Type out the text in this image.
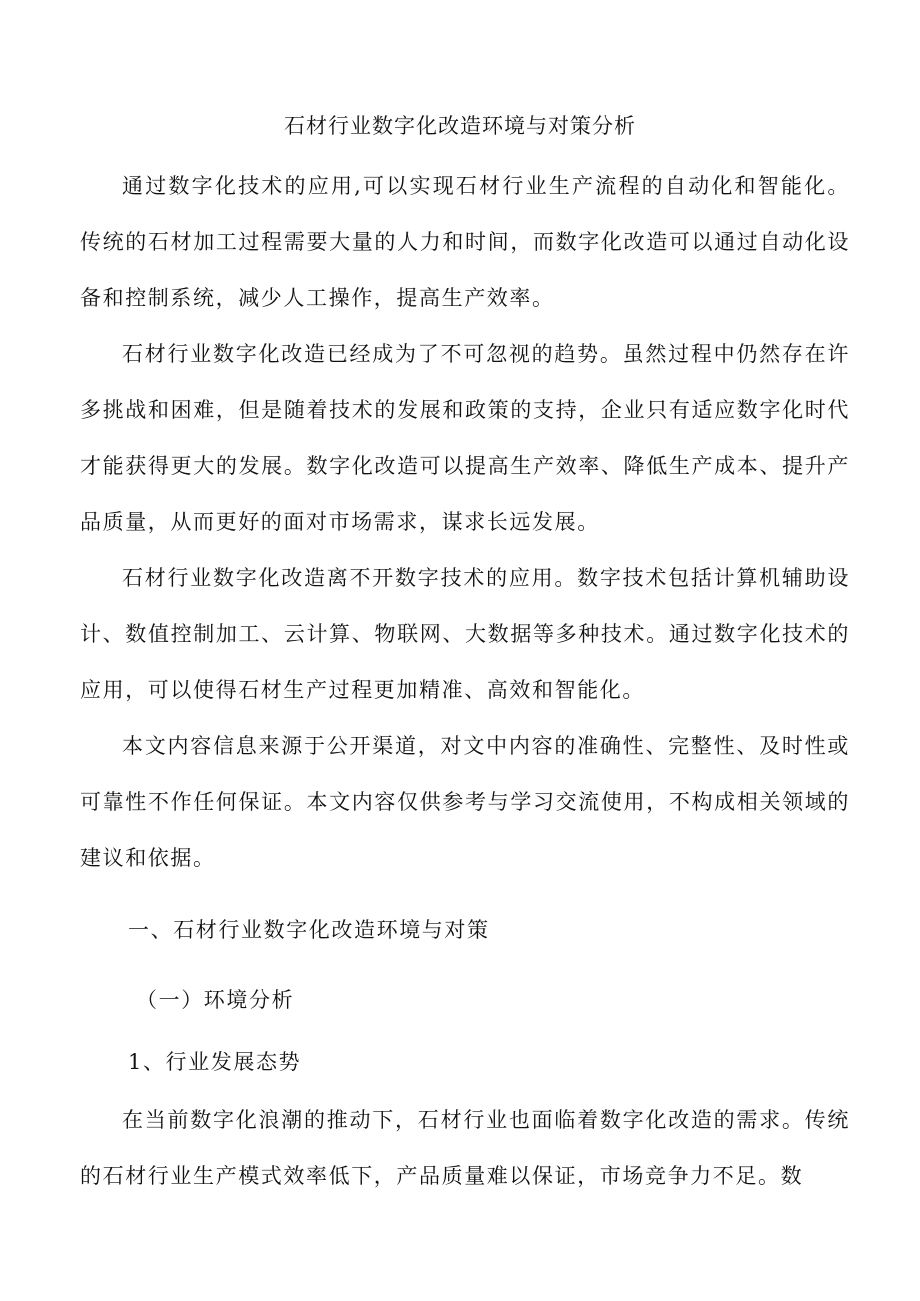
石材行业数字化改造环境与对策分析

通过数字化技术的应用,可以实现石材行业生产流程的自动化和智能化。传统的石材加工过程需要大量的人力和时间，而数字化改造可以通过自动化设备和控制系统，减少人工操作，提高生产效率。

石材行业数字化改造已经成为了不可忽视的趋势。虽然过程中仍然存在许多挑战和困难，但是随着技术的发展和政策的支持，企业只有适应数字化时代才能获得更大的发展。数字化改造可以提高生产效率、降低生产成本、提升产品质量，从而更好的面对市场需求，谋求长远发展。

石材行业数字化改造离不开数字技术的应用。数字技术包括计算机辅助设计、数值控制加工、云计算、物联网、大数据等多种技术。通过数字化技术的应用，可以使得石材生产过程更加精准、高效和智能化。

本文内容信息来源于公开渠道，对文中内容的准确性、完整性、及时性或可靠性不作任何保证。本文内容仅供参考与学习交流使用，不构成相关领域的建议和依据。

一、石材行业数字化改造环境与对策
（一）环境分析
1、行业发展态势

在当前数字化浪潮的推动下，石材行业也面临着数字化改造的需求。传统的石材行业生产模式效率低下，产品质量难以保证，市场竞争力不足。数
